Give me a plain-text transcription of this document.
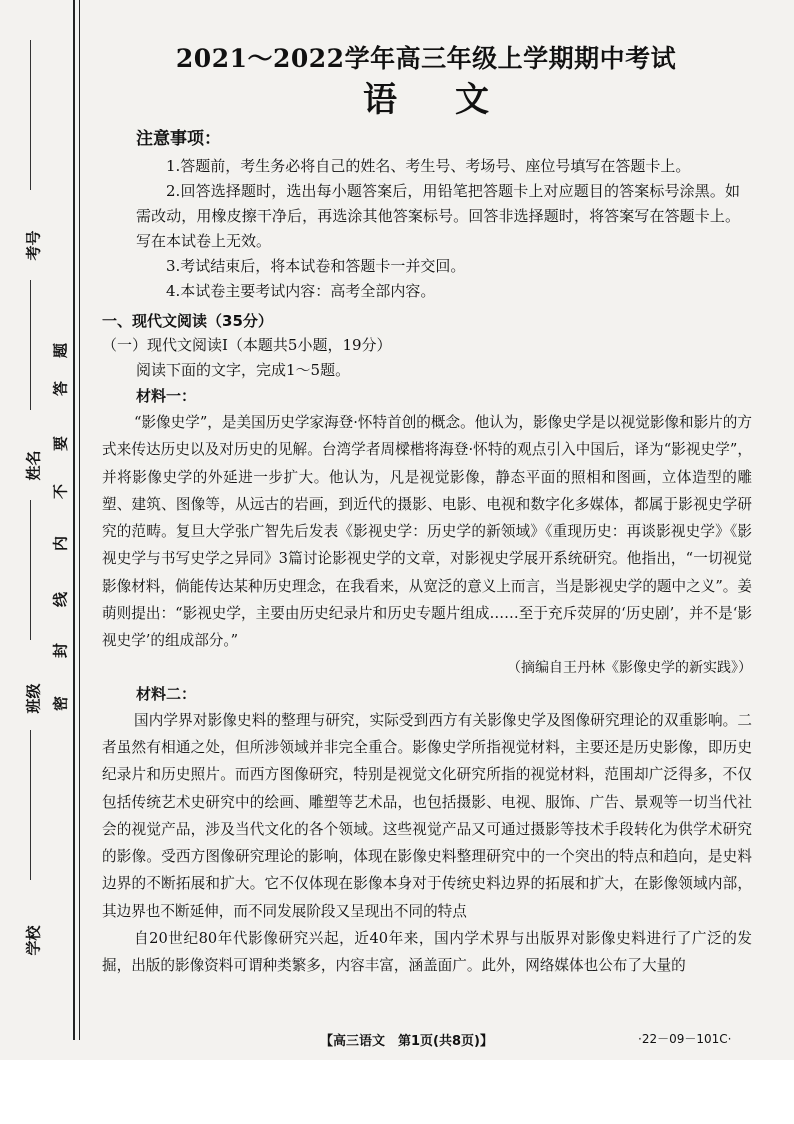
考号
姓名
班级
学校
题
答
要
不
内
线
封
密
2021～2022学年高三年级上学期期中考试
语文
注意事项：

1.答题前，考生务必将自己的姓名、考生号、考场号、座位号填写在答题卡上。

2.回答选择题时，选出每小题答案后，用铅笔把答题卡上对应题目的答案标号涂黑。如需改动，用橡皮擦干净后，再选涂其他答案标号。回答非选择题时，将答案写在答题卡上。写在本试卷上无效。

3.考试结束后，将本试卷和答题卡一并交回。

4.本试卷主要考试内容：高考全部内容。

一、现代文阅读（35分）
（一）现代文阅读Ⅰ（本题共5小题，19分）
阅读下面的文字，完成1～5题。
材料一：

“影像史学”，是美国历史学家海登·怀特首创的概念。他认为，影像史学是以视觉影像和影片的方式来传达历史以及对历史的见解。台湾学者周樑楷将海登·怀特的观点引入中国后，译为“影视史学”，并将影像史学的外延进一步扩大。他认为，凡是视觉影像，静态平面的照相和图画，立体造型的雕塑、建筑、图像等，从远古的岩画，到近代的摄影、电影、电视和数字化多媒体，都属于影视史学研究的范畴。复旦大学张广智先后发表《影视史学：历史学的新领域》《重现历史：再谈影视史学》《影视史学与书写史学之异同》3篇讨论影视史学的文章，对影视史学展开系统研究。他指出，“一切视觉影像材料，倘能传达某种历史理念，在我看来，从宽泛的意义上而言，当是影视史学的题中之义”。姜萌则提出：“影视史学，主要由历史纪录片和历史专题片组成……至于充斥荧屏的‘历史剧’，并不是‘影视史学’的组成部分。”

（摘编自王丹林《影像史学的新实践》）

材料二：

国内学界对影像史料的整理与研究，实际受到西方有关影像史学及图像研究理论的双重影响。二者虽然有相通之处，但所涉领域并非完全重合。影像史学所指视觉材料，主要还是历史影像，即历史纪录片和历史照片。而西方图像研究，特别是视觉文化研究所指的视觉材料，范围却广泛得多，不仅包括传统艺术史研究中的绘画、雕塑等艺术品，也包括摄影、电视、服饰、广告、景观等一切当代社会的视觉产品，涉及当代文化的各个领域。这些视觉产品又可通过摄影等技术手段转化为供学术研究的影像。受西方图像研究理论的影响，体现在影像史料整理研究中的一个突出的特点和趋向，是史料边界的不断拓展和扩大。它不仅体现在影像本身对于传统史料边界的拓展和扩大，在影像领域内部，其边界也不断延伸，而不同发展阶段又呈现出不同的特点

自20世纪80年代影像研究兴起，近40年来，国内学术界与出版界对影像史料进行了广泛的发掘，出版的影像资料可谓种类繁多，内容丰富，涵盖面广。此外，网络媒体也公布了大量的

【高三语文　第1页(共8页)】	·22－09－101C·
